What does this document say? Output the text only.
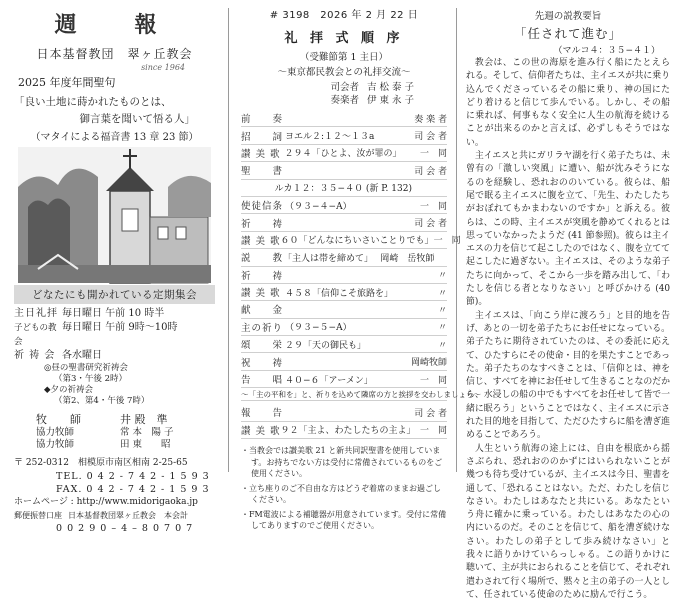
週　報
日本基督教団　翠ヶ丘教会
since 1964
2025 年度年間聖句
「良い土地に蒔かれたものとは、
御言葉を聞いて悟る人」
（マタイによる福音書 13 章 23 節）
どなたにも開かれている定期集会
主日礼拝 毎日曜日 午前 10 時半
子どもの教会
毎日曜日 午前 9時〜10時
祈 祷 会 各水曜日
◎昼の聖書研究祈祷会
（第3・午後 2時）
◆夕の祈祷会
（第2、第4・午後 7時）
牧　師	井 殿　準
協力牧師	常 本　陽 子
協力牧師	田 東　　昭
〒 252-0312　相模原市南区相南 2-25-65
TEL. 0 4 2 - 7 4 2 - 1 5 9 3
FAX. 0 4 2 - 7 4 2 - 1 5 9 3
ホームページ : http://www.midorigaoka.jp
郵便振替口座 日本基督教団翠ヶ丘教会　本会計
0 0 2 9 0 – 4 – 8 0 7 0 7
# 3198　2026 年 2 月 22 日
礼 拝 式 順 序
（受難節第 1 主日）
〜東京都民教会との礼拝交流〜
司会者 吉 松 泰 子
奏楽者 伊 東 永 子
前　　奏	奏 楽 者
招　　詞 ヨエル２:１２〜１３a	司 会 者
讃 美 歌 ２９４「ひとよ、汝が罪の」	一　同
聖　　書	司 会 者
ルカ１２：３５−４０ (新 P. 132)
使徒信条 （９３−４−A）	一　同
祈　　祷	司 会 者
讃 美 歌 ６０「どんなにちいさいことりでも」 一　同
説　　教 「主人は帯を締めて」　 岡崎　岳牧師
祈　　祷	〃
讃 美 歌 ４５８「信仰こそ旅路を」	〃
献　　金	〃
主の祈り （９３−５−A）	〃
頌　　栄 ２９「天の御民も」	〃
祝　　祷	岡崎牧師
告　　唱 ４０−６「アーメン」	一　同
〜「主の平和を」と、祈りを込めて隣席の方と挨拶を交わしましょう〜
報　　告	司 会 者
讃 美 歌 ９２「主よ、わたしたちの主よ」 一　同

・当教会では讃美歌 21 と新共同訳聖書を使用しています。お持ちでない方は受付に常備されているものをご使用ください。

・立ち座りのご不自由な方はどうぞ着席のままお過ごしください。

・FM電波による補聴器が用意されています。受付に常備してありますのでご使用ください。

先週の説教要旨
「任されて進む」
（マルコ４：３５−４１）

教会は、この世の海原を進み行く船にたとえられる。そして、信仰者たちは、主イエスが共に乗り込んでくださっているその船に乗り、神の国にたどり着けると信じて歩んでいる。しかし、その船に乗れば、何事もなく安全に人生の航海を続けることが出来るのかと言えば、必ずしもそうではない。

主イエスと共にガリラヤ湖を行く弟子たちは、未曾有の「激しい突風」に遭い、船が沈みそうになるのを経験し、恐れおののいている。彼らは、船尾で眠る主イエスに腹を立て、「先生、わたしたちがおぼれてもかまわないのですか」と訴える。彼らは、この時、主イエスが突風を静めてくれるとは思っていなかったようだ (41 節参照)。彼らは主イエスの力を信じて起こしたのではなく、腹を立てて起こしたに過ぎない。主イエスは、そのような弟子たちに向かって、そこから一歩を踏み出して、「わたしを信じる者となりなさい」と呼びかける (40 節)。

主イエスは、「向こう岸に渡ろう」と目的地を告げ、あとの一切を弟子たちにお任せになっている。弟子たちに期待されていたのは、その委託に応えて、ひたすらにその使命・目的を果たすことであった。弟子たちのなすべきことは、「信仰とは、神を信じ、すべてを神にお任せして生きることなのだから、水浸しの船の中でもすべてをお任せして皆で一緒に眠ろう」ということではなく、主イエスに示された目的地を目指して、ただひたすらに船を漕ぎ進めることであろう。

人生という航海の途上には、自由を根底から揺さぶられ、恐れおののかずにはいられないことが幾つも待ち受けているが、主イエスは今日、聖書を通して、「恐れることはない。ただ、わたしを信じなさい。わたしはあなたと共にいる。あなたという舟に確かに乗っている。わたしはあなたの心の内にいるのだ。そのことを信じて、船を漕ぎ続けなさい。わたしの弟子として歩み続けなさい」と我々に語りかけていらっしゃる。この語りかけに聴いて、主が共におられることを信じて、それぞれ遣わされて行く場所で、黙々と主の弟子の一人として、任されている使命のために励んで行こう。
